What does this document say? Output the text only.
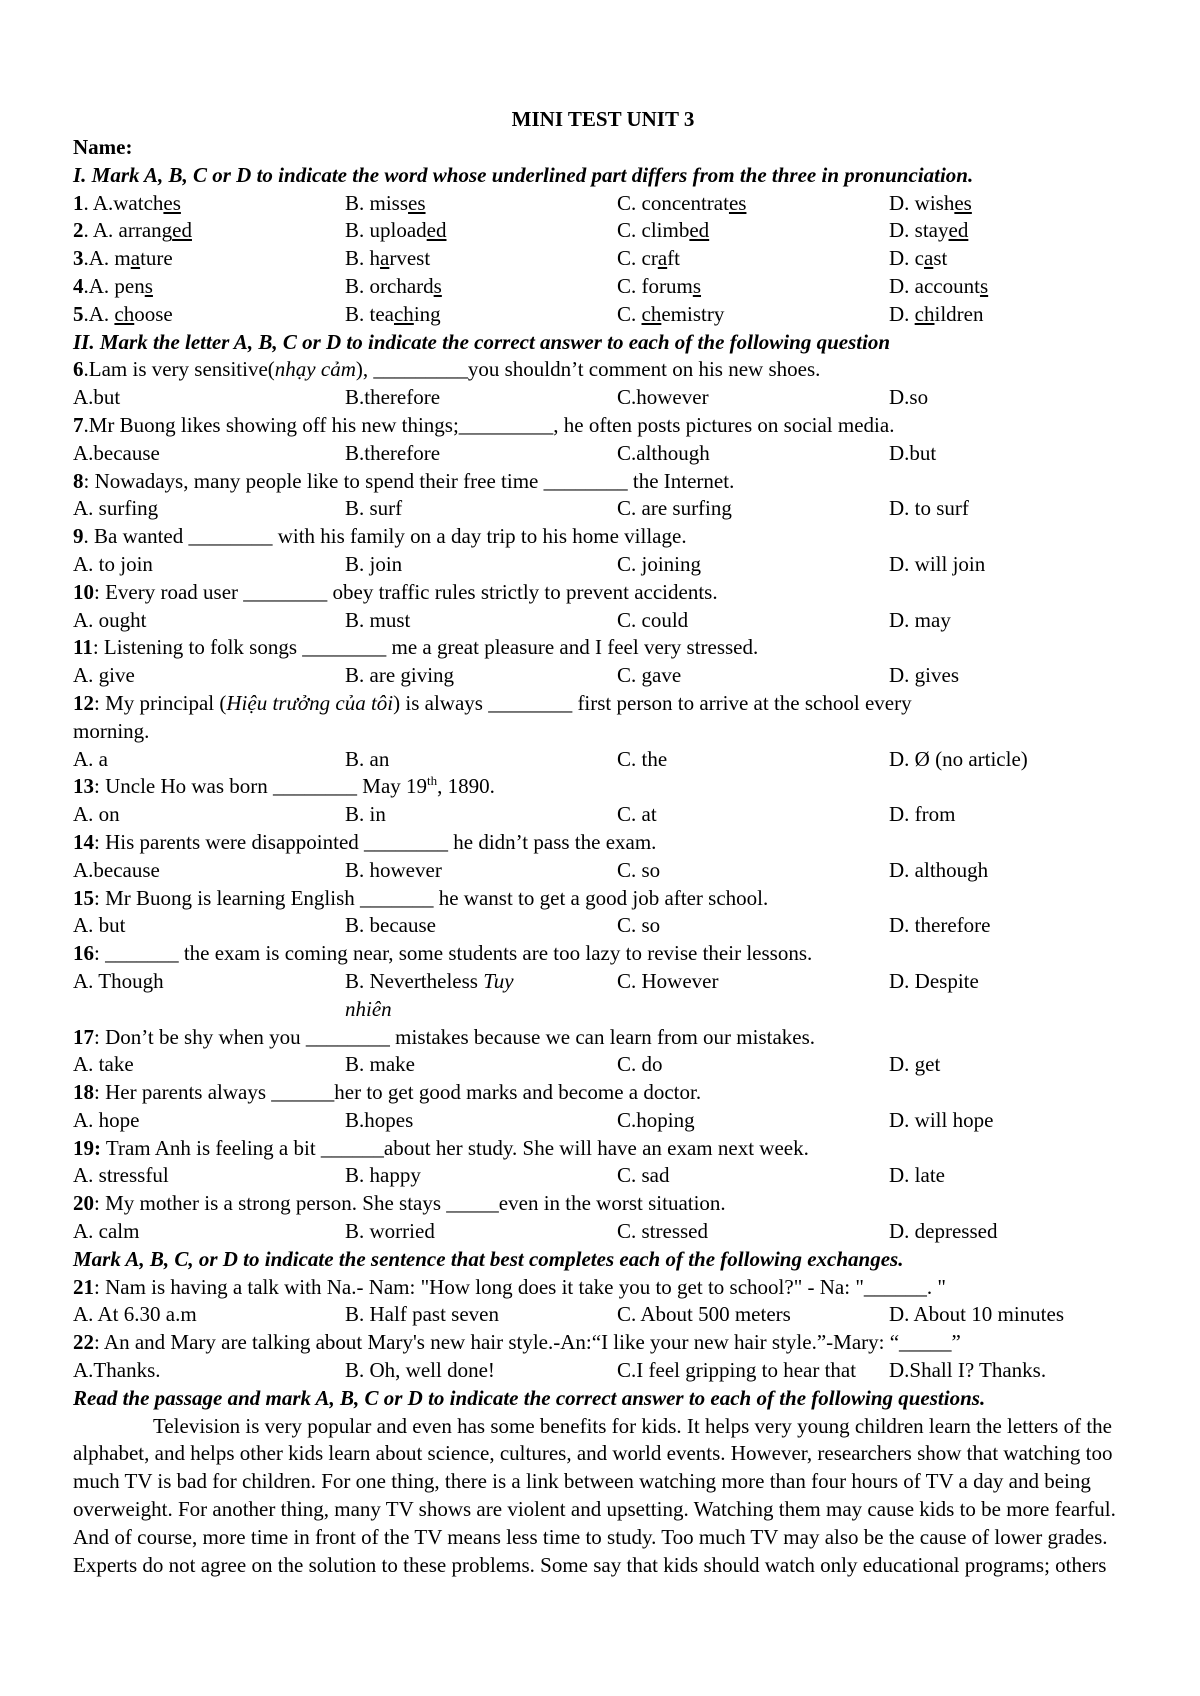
MINI TEST UNIT 3
Name:
I. Mark A, B, C or D to indicate the word whose underlined part differs from the three in pronunciation.
1. A.watches	B. misses	C. concentrates	D. wishes
2. A. arranged	B. uploaded	C. climbed	D. stayed
3.A. mature	B. harvest	C. craft	D. cast
4.A. pens	B. orchards	C. forums	D. accounts
5.A. choose	B. teaching	C. chemistry	D. children
II. Mark the letter A, B, C or D to indicate the correct answer to each of the following question
6.Lam is very sensitive(nhạy cảm), _________you shouldn’t comment on his new shoes.
A.but	B.therefore	C.however	D.so
7.Mr Buong likes showing off his new things;_________, he often posts pictures on social media.
A.because	B.therefore	C.although	D.but
8: Nowadays, many people like to spend their free time ________ the Internet.
A. surfing	B. surf	C. are surfing	D. to surf
9. Ba wanted ________ with his family on a day trip to his home village.
A. to join	B. join	C. joining	D. will join
10: Every road user ________ obey traffic rules strictly to prevent accidents.
A. ought	B. must	C. could	D. may
11: Listening to folk songs ________ me a great pleasure and I feel very stressed.
A. give	B. are giving	C. gave	D. gives
12: My principal (Hiệu trưởng của tôi) is always ________ first person to arrive at the school every
morning.
A. a	B. an	C. the	D. Ø (no article)
13: Uncle Ho was born ________ May 19th, 1890.
A. on	B. in	C. at	D. from
14: His parents were disappointed ________ he didn’t pass the exam.
A.because	B. however	C. so	D. although
15: Mr Buong is learning English _______ he wanst to get a good job after school.
A. but	B. because	C. so	D. therefore
16: _______ the exam is coming near, some students are too lazy to revise their lessons.
A. Though	B. Nevertheless Tuy
nhiên
C. However	D. Despite
17: Don’t be shy when you ________ mistakes because we can learn from our mistakes.
A. take	B. make	C. do	D. get
18: Her parents always ______her to get good marks and become a doctor.
A. hope	B.hopes	C.hoping	D. will hope
19: Tram Anh is feeling a bit ______about her study. She will have an exam next week.
A. stressful	B. happy	C. sad	D. late
20: My mother is a strong person. She stays _____even in the worst situation.
A. calm	B. worried	C. stressed	D. depressed
Mark A, B, C, or D to indicate the sentence that best completes each of the following exchanges.
21: Nam is having a talk with Na.- Nam: "How long does it take you to get to school?" - Na: "______. "
A. At 6.30 a.m	B. Half past seven	C. About 500 meters	D. About 10 minutes
22: An and Mary are talking about Mary's new hair style.-An:“I like your new hair style.”-Mary: “_____”
A.Thanks.	B. Oh, well done!	C.I feel gripping to hear that	D.Shall I? Thanks.
Read the passage and mark A, B, C or D to indicate the correct answer to each of the following questions.
Television is very popular and even has some benefits for kids. It helps very young children learn the letters of the alphabet, and helps other kids learn about science, cultures, and world events. However, researchers show that watching too much TV is bad for children. For one thing, there is a link between watching more than four hours of TV a day and being overweight. For another thing, many TV shows are violent and upsetting. Watching them may cause kids to be more fearful. And of course, more time in front of the TV means less time to study. Too much TV may also be the cause of lower grades. Experts do not agree on the solution to these problems. Some say that kids should watch only educational programs; others
